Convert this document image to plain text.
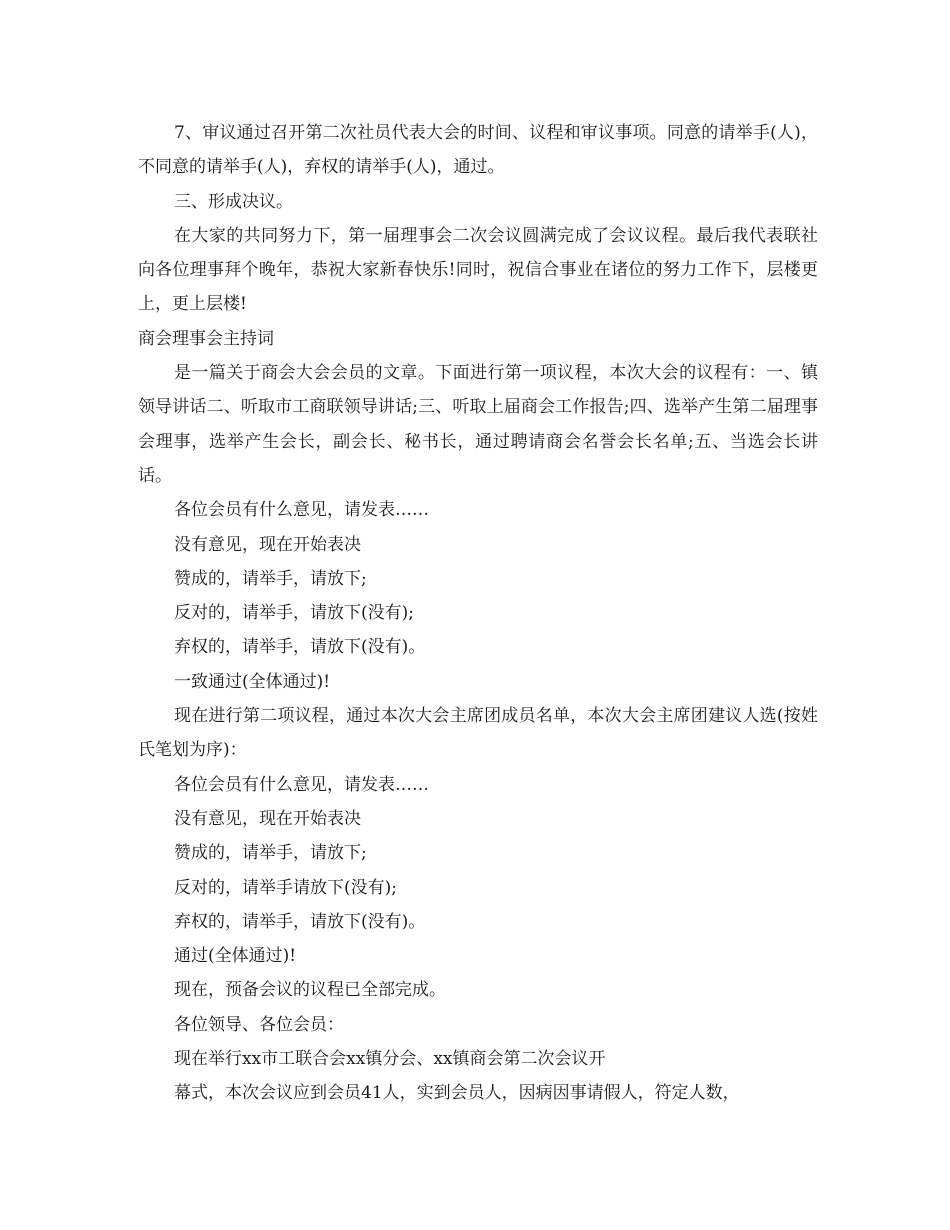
7、审议通过召开第二次社员代表大会的时间、议程和审议事项。同意的请举手(人)，不同意的请举手(人)，弃权的请举手(人)，通过。

三、形成决议。

在大家的共同努力下，第一届理事会二次会议圆满完成了会议议程。最后我代表联社向各位理事拜个晚年，恭祝大家新春快乐!同时，祝信合事业在诸位的努力工作下，层楼更上，更上层楼!

商会理事会主持词

是一篇关于商会大会会员的文章。下面进行第一项议程，本次大会的议程有：一、镇领导讲话二、听取市工商联领导讲话;三、听取上届商会工作报告;四、选举产生第二届理事会理事，选举产生会长，副会长、秘书长，通过聘请商会名誉会长名单;五、当选会长讲话。

各位会员有什么意见，请发表……

没有意见，现在开始表决

赞成的，请举手，请放下;

反对的，请举手，请放下(没有);

弃权的，请举手，请放下(没有)。

一致通过(全体通过)!

现在进行第二项议程，通过本次大会主席团成员名单，本次大会主席团建议人选(按姓氏笔划为序)：

各位会员有什么意见，请发表……

没有意见，现在开始表决

赞成的，请举手，请放下;

反对的，请举手请放下(没有);

弃权的，请举手，请放下(没有)。

通过(全体通过)!

现在，预备会议的议程已全部完成。

各位领导、各位会员：

现在举行xx市工联合会xx镇分会、xx镇商会第二次会议开

幕式，本次会议应到会员41人，实到会员人，因病因事请假人，符定人数，
